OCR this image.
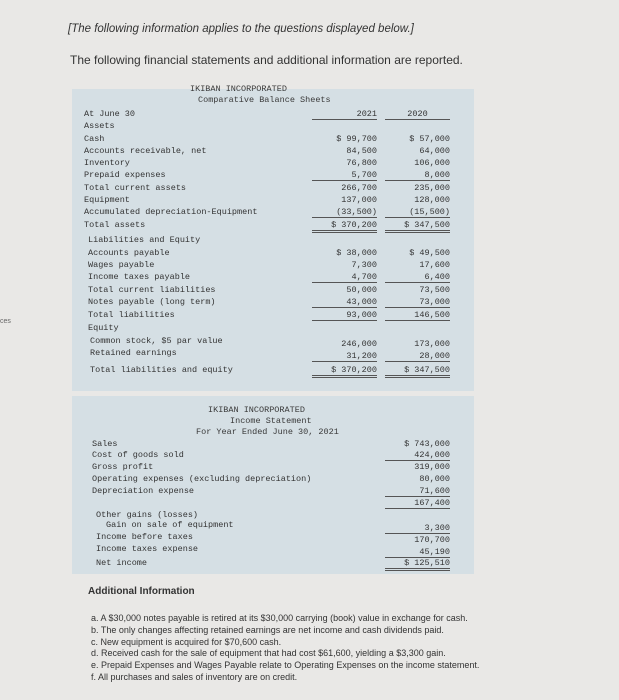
ces
[The following information applies to the questions displayed below.]
The following financial statements and additional information are reported.
IKIBAN INCORPORATED
Comparative Balance Sheets
At June 30	2021	2020
Assets
Cash	$ 99,700	$ 57,000
Accounts receivable, net	84,500	64,000
Inventory	76,800	106,000
Prepaid expenses	5,700	8,000
Total current assets	266,700	235,000
Equipment	137,000	128,000
Accumulated depreciation-Equipment	(33,500)	(15,500)
Total assets	$ 370,200	$ 347,500
Liabilities and Equity
Accounts payable	$ 38,000	$ 49,500
Wages payable	7,300	17,600
Income taxes payable	4,700	6,400
Total current liabilities	50,000	73,500
Notes payable (long term)	43,000	73,000
Total liabilities	93,000	146,500
Equity
Common stock, $5 par value	246,000	173,000
Retained earnings	31,200	28,000
Total liabilities and equity	$ 370,200	$ 347,500
IKIBAN INCORPORATED
Income Statement
For Year Ended June 30, 2021
Sales	$ 743,000
Cost of goods sold	424,000
Gross profit	319,000
Operating expenses (excluding depreciation)	80,000
Depreciation expense	71,600
167,400
Other gains (losses)
Gain on sale of equipment	3,300
Income before taxes	170,700
Income taxes expense	45,190
Net income	$ 125,510
Additional Information
a. A $30,000 notes payable is retired at its $30,000 carrying (book) value in exchange for cash.
b. The only changes affecting retained earnings are net income and cash dividends paid.
c. New equipment is acquired for $70,600 cash.
d. Received cash for the sale of equipment that had cost $61,600, yielding a $3,300 gain.
e. Prepaid Expenses and Wages Payable relate to Operating Expenses on the income statement.
f. All purchases and sales of inventory are on credit.
